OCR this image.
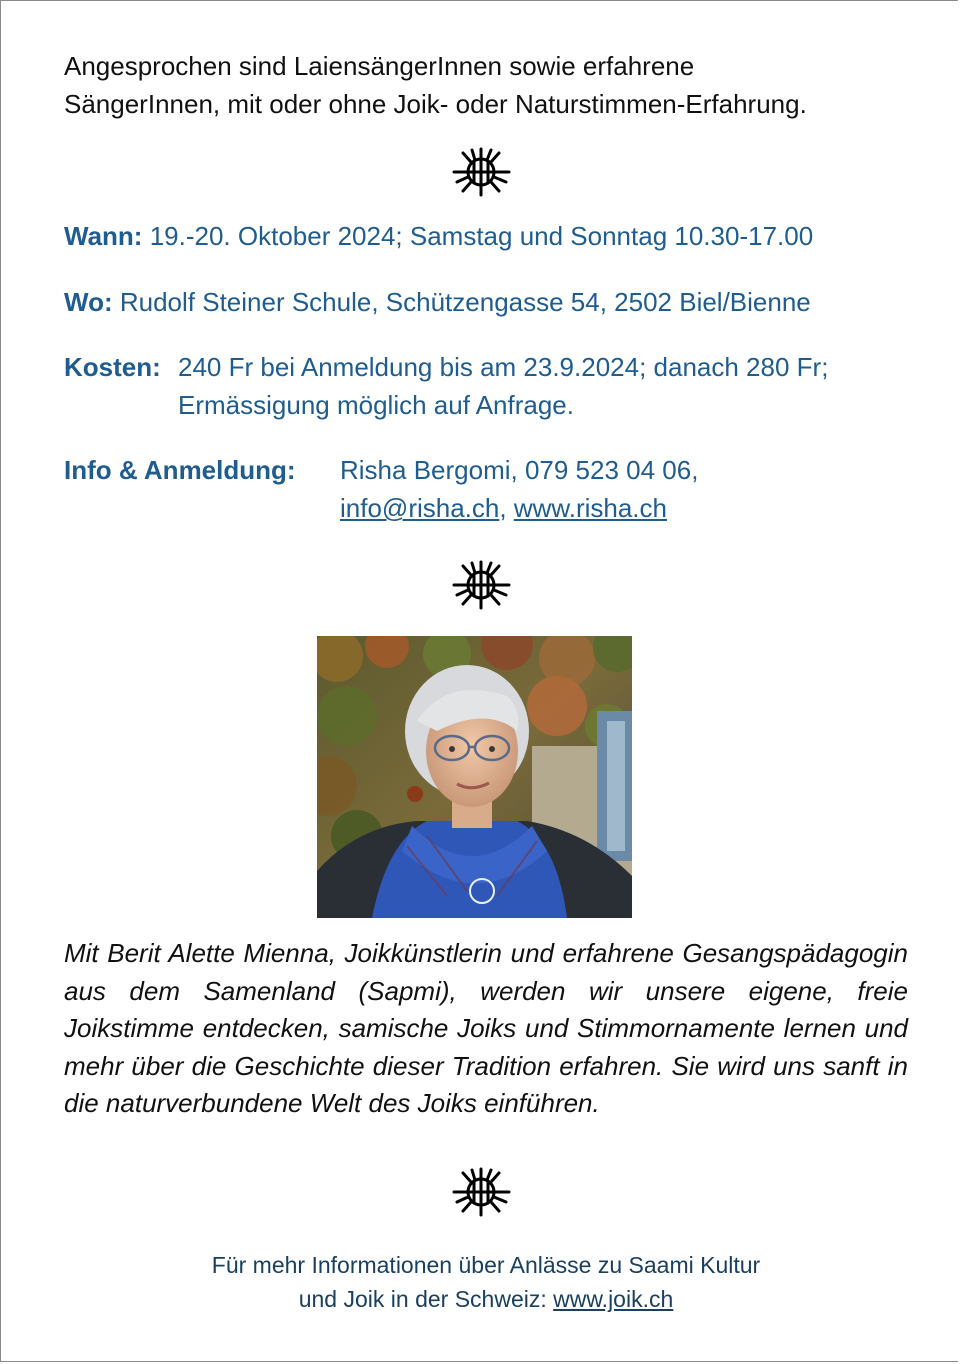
Angesprochen sind LaiensängerInnen sowie erfahrene
SängerInnen, mit oder ohne Joik- oder Naturstimmen-Erfahrung.
Wann: 19.-20. Oktober 2024; Samstag und Sonntag 10.30-17.00
Wo: Rudolf Steiner Schule, Schützengasse 54, 2502 Biel/Bienne
Kosten: 240 Fr bei Anmeldung bis am 23.9.2024; danach 280 Fr;
Ermässigung möglich auf Anfrage.
Info & Anmeldung: Risha Bergomi, 079 523 04 06,
info@risha.ch, www.risha.ch
Mit Berit Alette Mienna, Joikkünstlerin und erfahrene Gesangspädagogin aus dem Samenland (Sapmi), werden wir unsere eigene, freie Joikstimme entdecken, samische Joiks und Stimmornamente lernen und mehr über die Geschichte dieser Tradition erfahren. Sie wird uns sanft in die naturverbundene Welt des Joiks einführen.
Für mehr Informationen über Anlässe zu Saami Kultur
und Joik in der Schweiz: www.joik.ch
